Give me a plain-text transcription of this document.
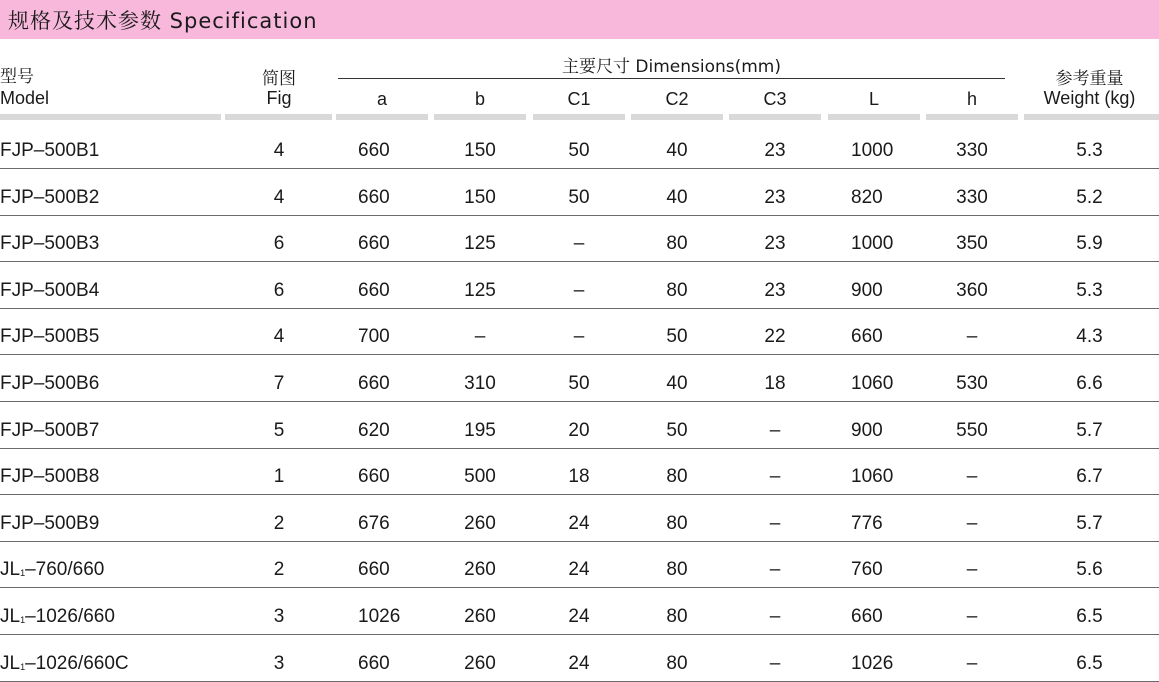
规格及技术参数 Specification
型号
Model
简图
Fig
主要尺寸 Dimensions(mm)
参考重量
Weight (kg)
a	b	C1	C2	C3	L	h
FJP–500B1	4	660	150	50	40	23	1000	330	5.3
FJP–500B2	4	660	150	50	40	23	820	330	5.2
FJP–500B3	6	660	125	–	80	23	1000	350	5.9
FJP–500B4	6	660	125	–	80	23	900	360	5.3
FJP–500B5	4	700	–	–	50	22	660	–	4.3
FJP–500B6	7	660	310	50	40	18	1060	530	6.6
FJP–500B7	5	620	195	20	50	–	900	550	5.7
FJP–500B8	1	660	500	18	80	–	1060	–	6.7
FJP–500B9	2	676	260	24	80	–	776	–	5.7
$JL_1-760/660$	2	660	260	24	80	–	760	–	5.6
$JL_1-1026/660$	3	1026	260	24	80	–	660	–	6.5
$JL_1-1026/660C$	3	660	260	24	80	–	1026	–	6.5
